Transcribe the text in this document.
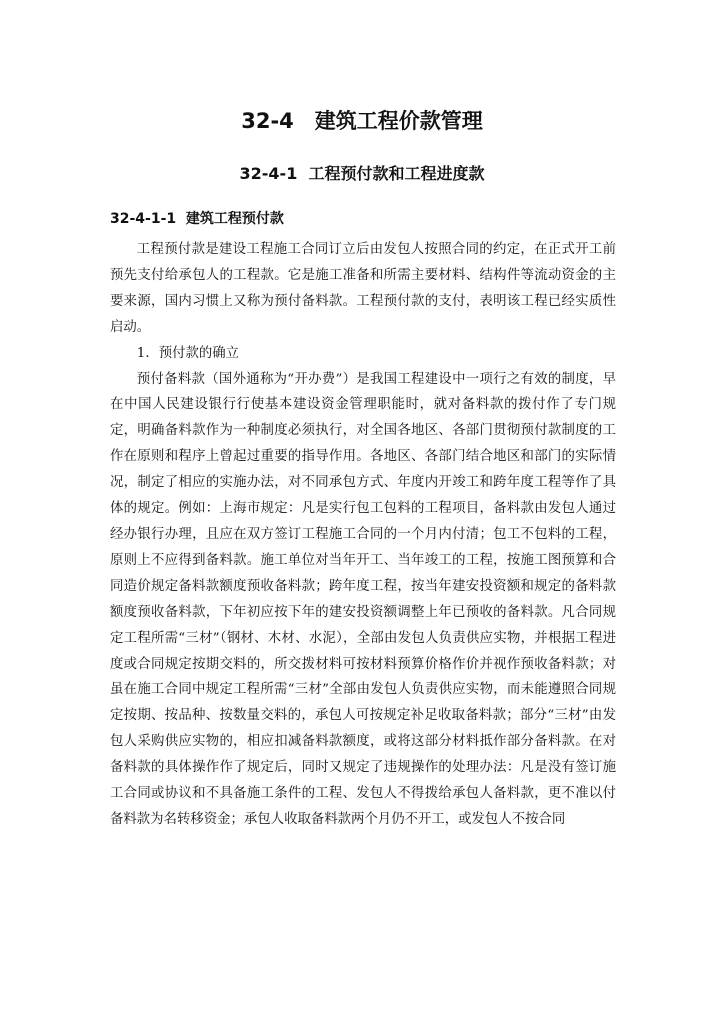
32-4　建筑工程价款管理
32-4-1  工程预付款和工程进度款
32-4-1-1  建筑工程预付款

工程预付款是建设工程施工合同订立后由发包人按照合同的约定，在正式开工前预先支付给承包人的工程款。它是施工准备和所需主要材料、结构件等流动资金的主要来源，国内习惯上又称为预付备料款。工程预付款的支付，表明该工程已经实质性启动。

1．预付款的确立

预付备料款（国外通称为“开办费”）是我国工程建设中一项行之有效的制度，早在中国人民建设银行行使基本建设资金管理职能时，就对备料款的拨付作了专门规定，明确备料款作为一种制度必须执行，对全国各地区、各部门贯彻预付款制度的工作在原则和程序上曾起过重要的指导作用。各地区、各部门结合地区和部门的实际情况，制定了相应的实施办法，对不同承包方式、年度内开竣工和跨年度工程等作了具体的规定。例如：上海市规定：凡是实行包工包料的工程项目，备料款由发包人通过经办银行办理，且应在双方签订工程施工合同的一个月内付清；包工不包料的工程，原则上不应得到备料款。施工单位对当年开工、当年竣工的工程，按施工图预算和合同造价规定备料款额度预收备料款；跨年度工程，按当年建安投资额和规定的备料款额度预收备料款，下年初应按下年的建安投资额调整上年已预收的备料款。凡合同规定工程所需“三材”（钢材、木材、水泥），全部由发包人负责供应实物，并根据工程进度或合同规定按期交料的，所交拨材料可按材料预算价格作价并视作预收备料款；对虽在施工合同中规定工程所需“三材”全部由发包人负责供应实物，而未能遵照合同规定按期、按品种、按数量交料的，承包人可按规定补足收取备料款；部分“三材”由发包人采购供应实物的，相应扣减备料款额度，或将这部分材料抵作部分备料款。在对备料款的具体操作作了规定后，同时又规定了违规操作的处理办法：凡是没有签订施工合同或协议和不具备施工条件的工程、发包人不得拨给承包人备料款，更不准以付备料款为名转移资金；承包人收取备料款两个月仍不开工，或发包人不按合同
